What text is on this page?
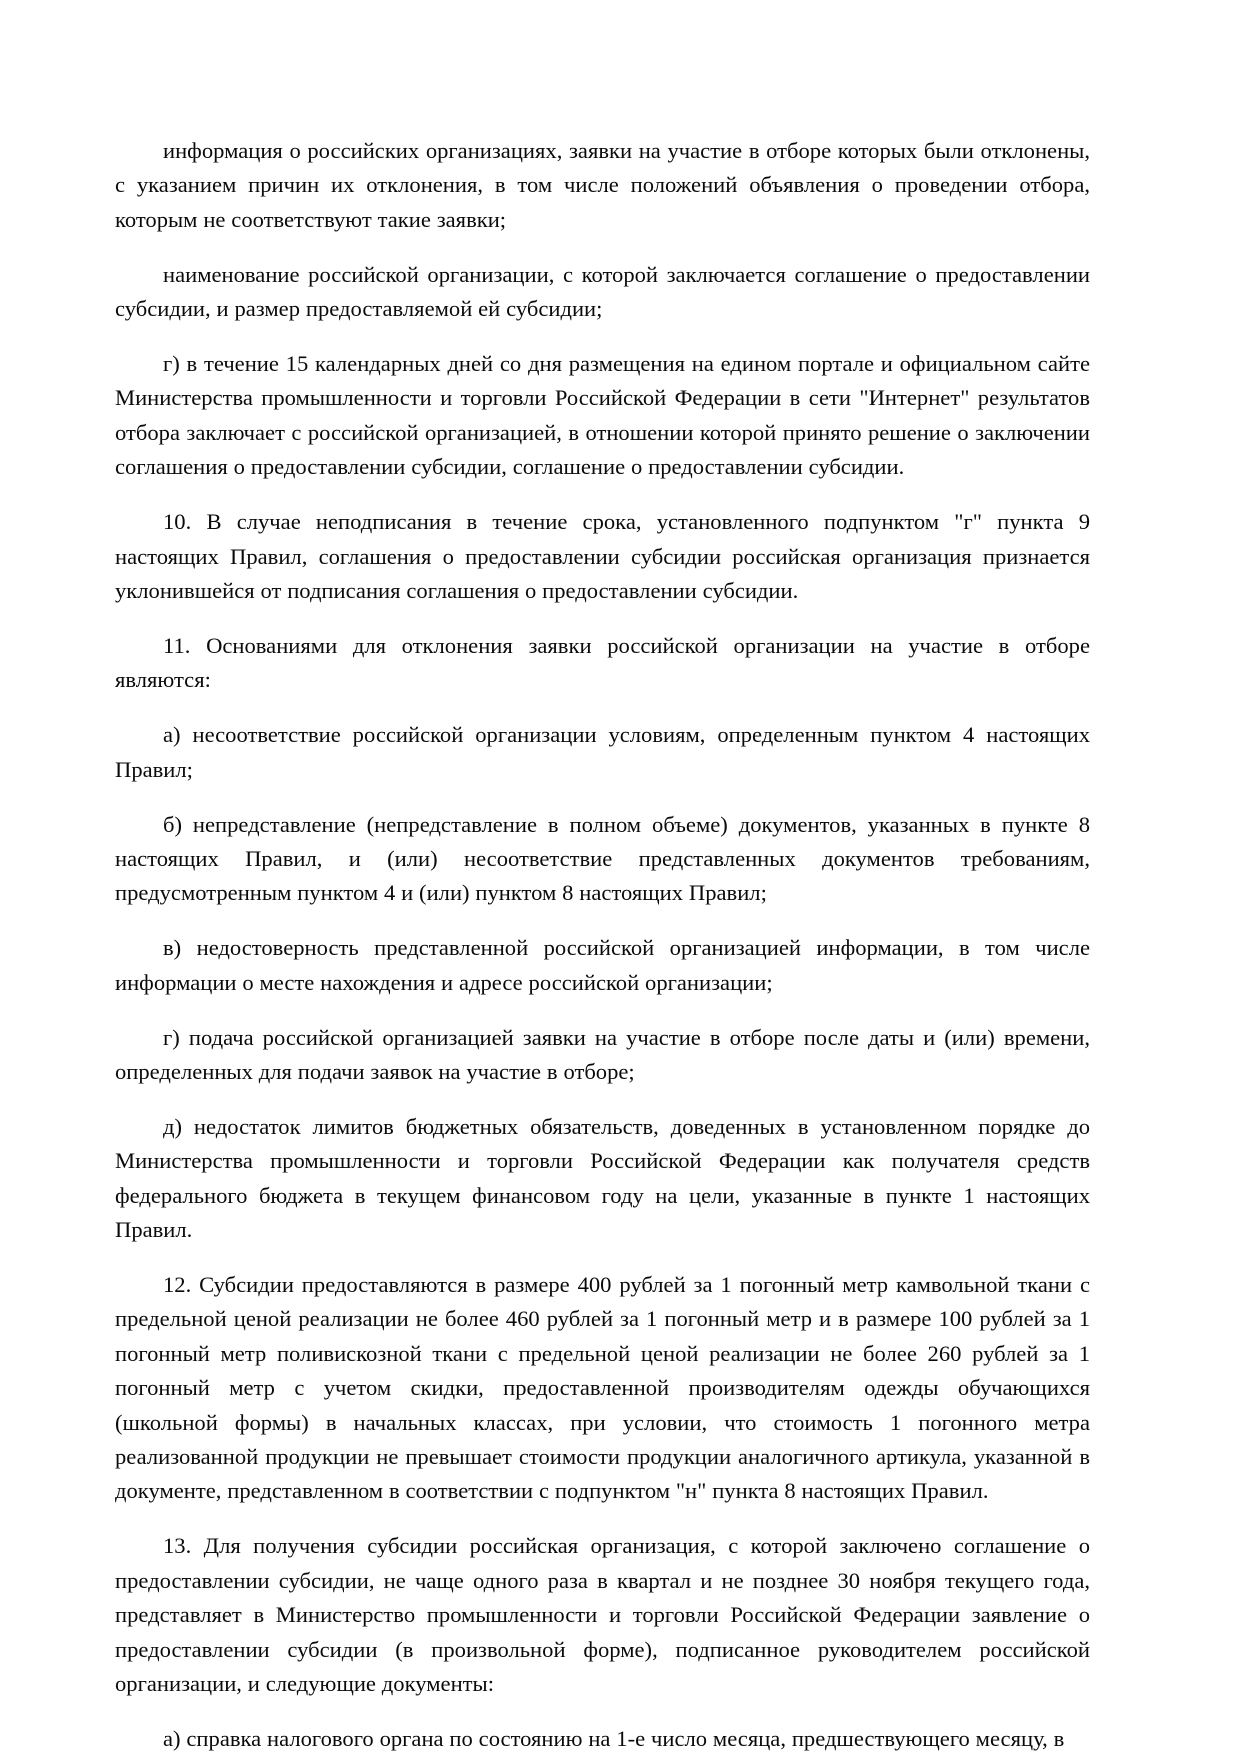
информация о российских организациях, заявки на участие в отборе которых были отклонены, с указанием причин их отклонения, в том числе положений объявления о проведении отбора, которым не соответствуют такие заявки;

наименование российской организации, с которой заключается соглашение о предоставлении субсидии, и размер предоставляемой ей субсидии;

г) в течение 15 календарных дней со дня размещения на едином портале и официальном сайте Министерства промышленности и торговли Российской Федерации в сети "Интернет" результатов отбора заключает с российской организацией, в отношении которой принято решение о заключении соглашения о предоставлении субсидии, соглашение о предоставлении субсидии.

10. В случае неподписания в течение срока, установленного подпунктом "г" пункта 9 настоящих Правил, соглашения о предоставлении субсидии российская организация признается уклонившейся от подписания соглашения о предоставлении субсидии.

11. Основаниями для отклонения заявки российской организации на участие в отборе являются:

а) несоответствие российской организации условиям, определенным пунктом 4 настоящих Правил;

б) непредставление (непредставление в полном объеме) документов, указанных в пункте 8 настоящих Правил, и (или) несоответствие представленных документов требованиям, предусмотренным пунктом 4 и (или) пунктом 8 настоящих Правил;

в) недостоверность представленной российской организацией информации, в том числе информации о месте нахождения и адресе российской организации;

г) подача российской организацией заявки на участие в отборе после даты и (или) времени, определенных для подачи заявок на участие в отборе;

д) недостаток лимитов бюджетных обязательств, доведенных в установленном порядке до Министерства промышленности и торговли Российской Федерации как получателя средств федерального бюджета в текущем финансовом году на цели, указанные в пункте 1 настоящих Правил.

12. Субсидии предоставляются в размере 400 рублей за 1 погонный метр камвольной ткани с предельной ценой реализации не более 460 рублей за 1 погонный метр и в размере 100 рублей за 1 погонный метр поливискозной ткани с предельной ценой реализации не более 260 рублей за 1 погонный метр с учетом скидки, предоставленной производителям одежды обучающихся (школьной формы) в начальных классах, при условии, что стоимость 1 погонного метра реализованной продукции не превышает стоимости продукции аналогичного артикула, указанной в документе, представленном в соответствии с подпунктом "н" пункта 8 настоящих Правил.

13. Для получения субсидии российская организация, с которой заключено соглашение о предоставлении субсидии, не чаще одного раза в квартал и не позднее 30 ноября текущего года, представляет в Министерство промышленности и торговли Российской Федерации заявление о предоставлении субсидии (в произвольной форме), подписанное руководителем российской организации, и следующие документы:

а) справка налогового органа по состоянию на 1-е число месяца, предшествующего месяцу, в
